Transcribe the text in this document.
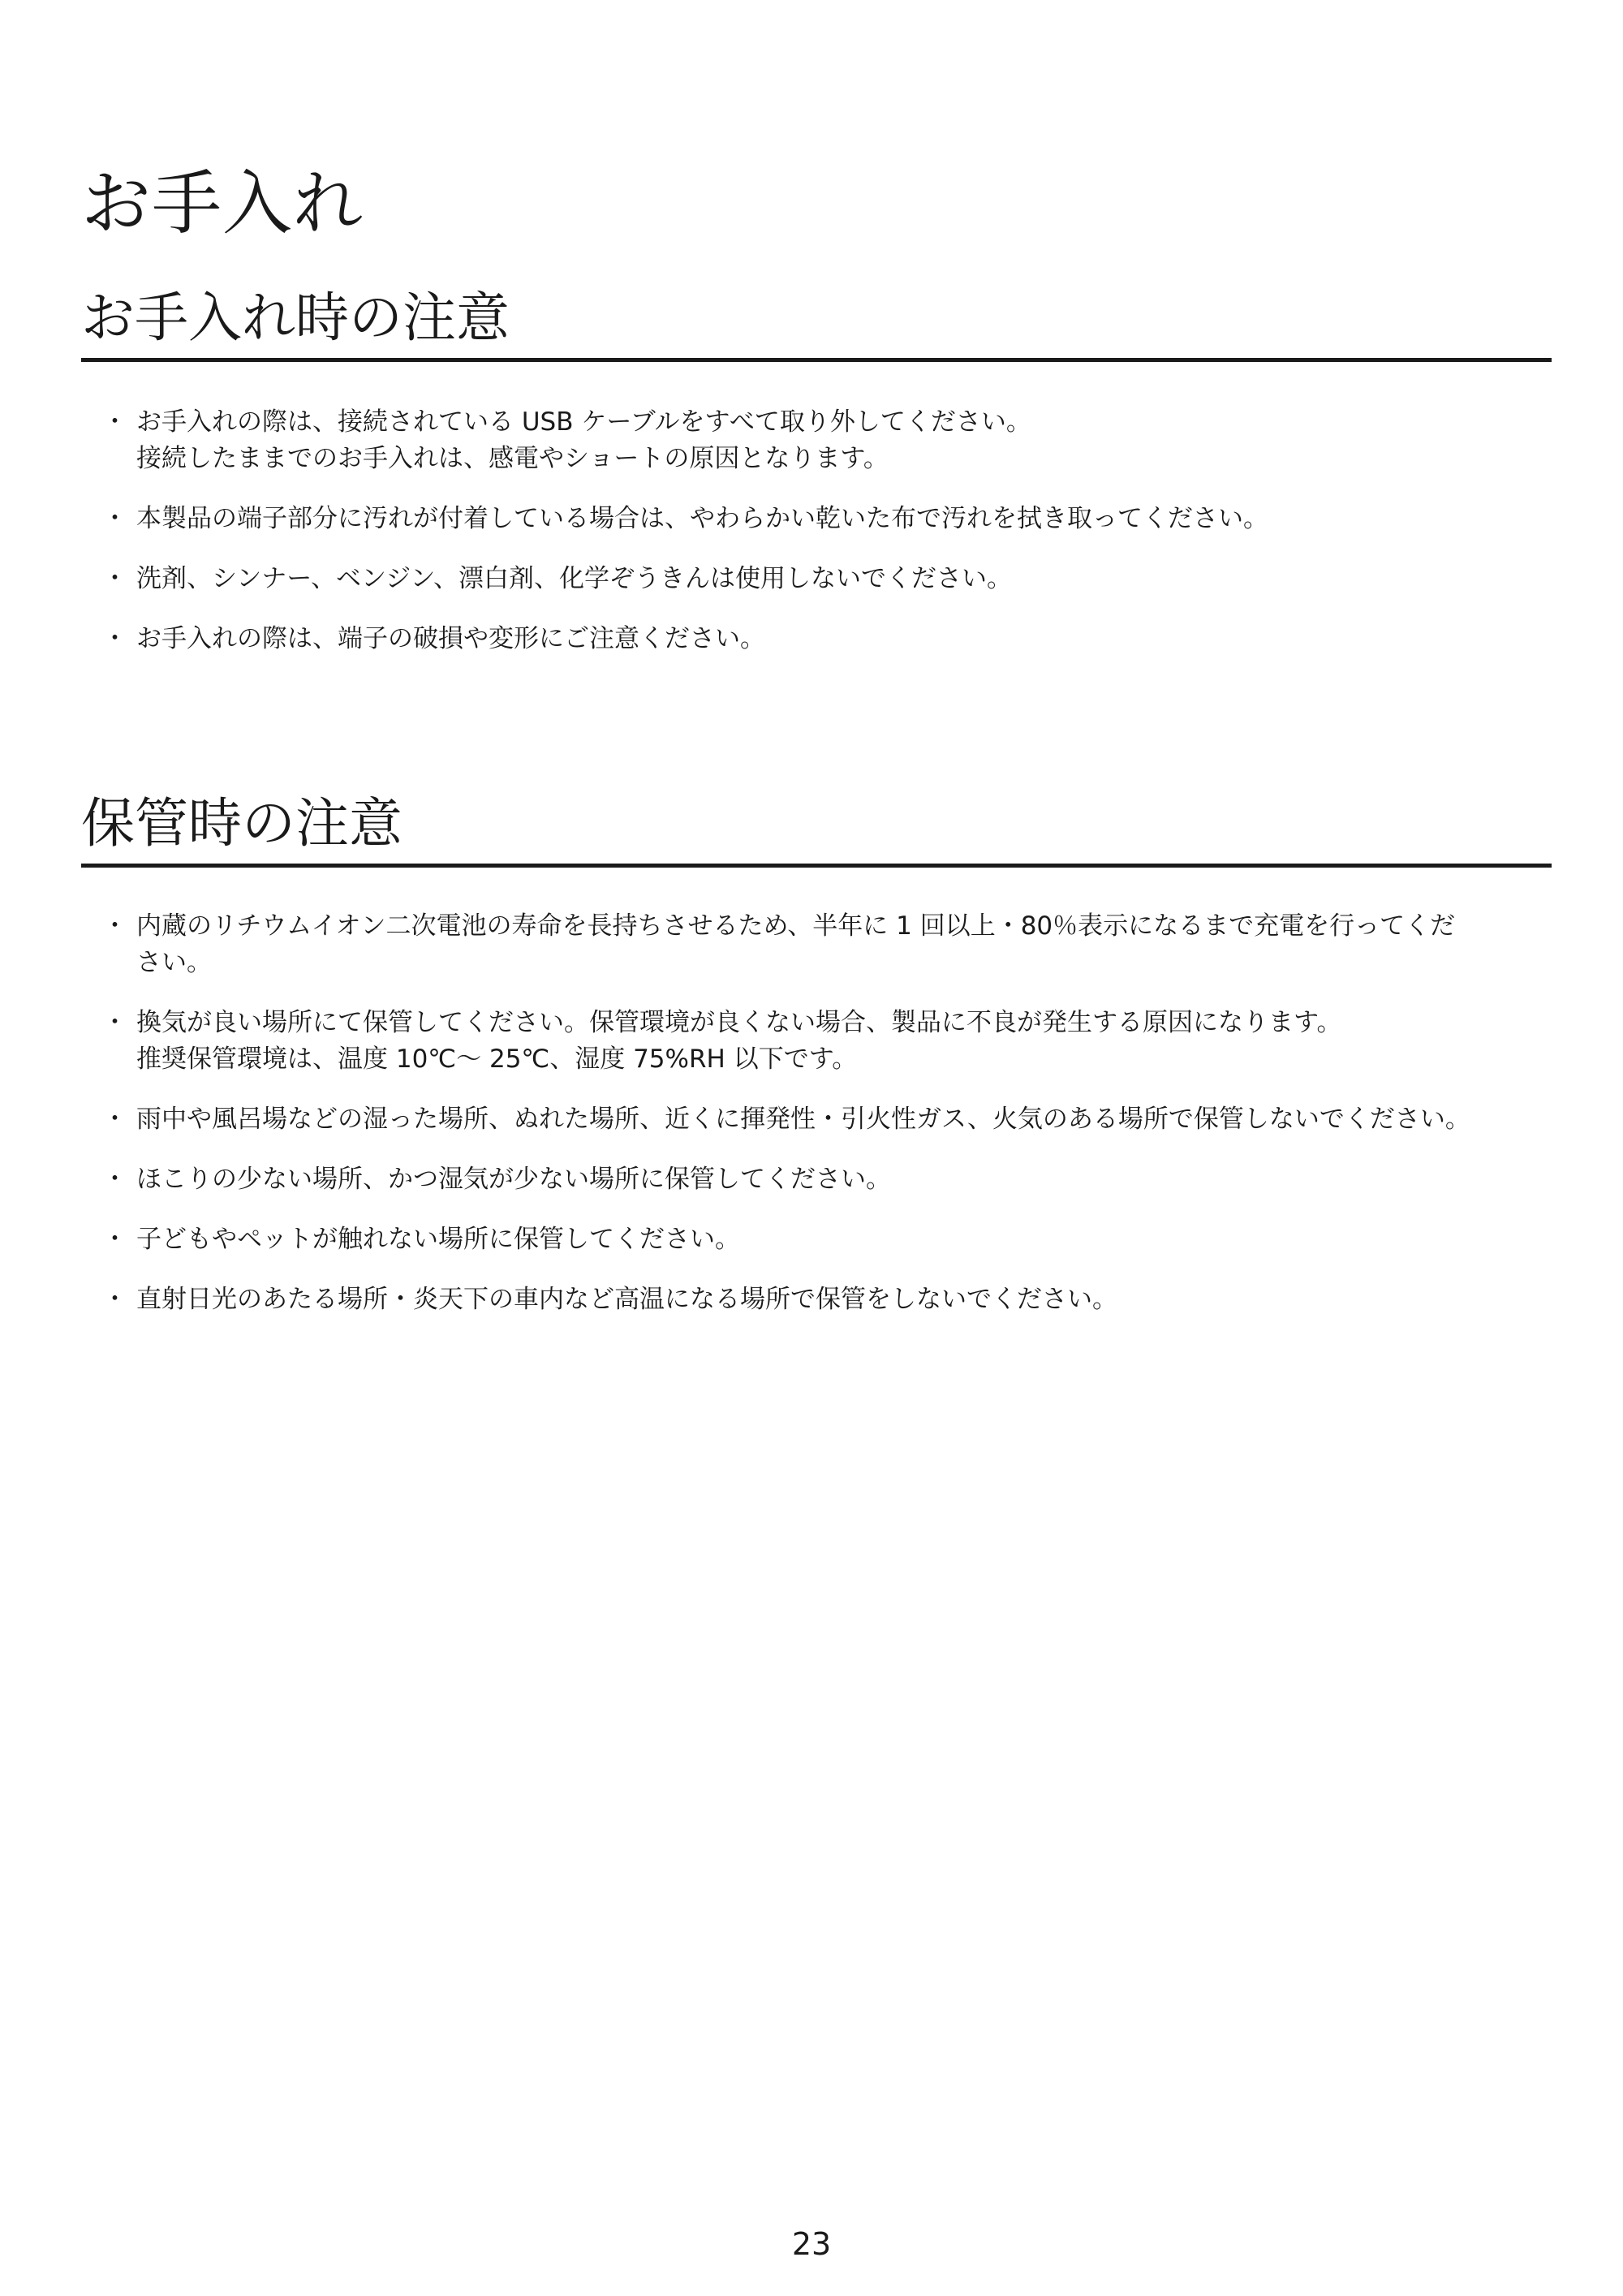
お手入れ
お手入れ時の注意
・ お手入れの際は、接続されている USB ケーブルをすべて取り外してください。
接続したままでのお手入れは、感電やショートの原因となります。
・ 本製品の端子部分に汚れが付着している場合は、やわらかい乾いた布で汚れを拭き取ってください。
・ 洗剤、シンナー、ベンジン、漂白剤、化学ぞうきんは使用しないでください。
・ お手入れの際は、端子の破損や変形にご注意ください。
保管時の注意
・ 内蔵のリチウムイオン二次電池の寿命を長持ちさせるため、半年に 1 回以上・80％表示になるまで充電を行ってくだ
さい。
・ 換気が良い場所にて保管してください。保管環境が良くない場合、製品に不良が発生する原因になります。
推奨保管環境は、温度 10℃～ 25℃、湿度 75%RH 以下です。
・ 雨中や風呂場などの湿った場所、ぬれた場所、近くに揮発性・引火性ガス、火気のある場所で保管しないでください。
・ ほこりの少ない場所、かつ湿気が少ない場所に保管してください。
・ 子どもやペットが触れない場所に保管してください。
・ 直射日光のあたる場所・炎天下の車内など高温になる場所で保管をしないでください。
23
